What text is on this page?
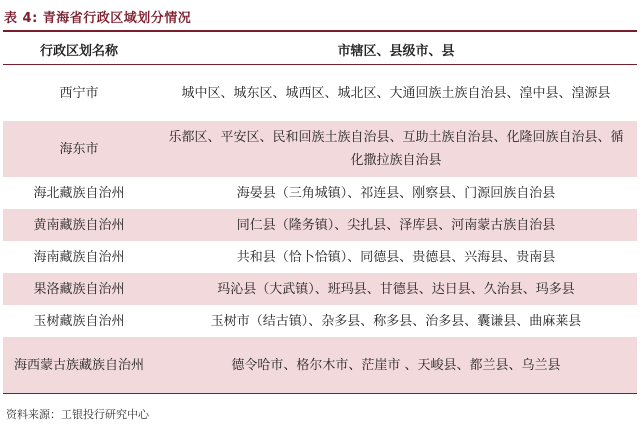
表 4: 青海省行政区域划分情况
行政区划名称	市辖区、县级市、县
西宁市	城中区、城东区、城西区、城北区、大通回族土族自治县、湟中县、湟源县
海东市	乐都区、平安区、民和回族土族自治县、互助土族自治县、化隆回族自治县、循化撒拉族自治县
海北藏族自治州	海晏县（三角城镇）、祁连县、刚察县、门源回族自治县
黄南藏族自治州	同仁县（隆务镇）、尖扎县、泽库县、河南蒙古族自治县
海南藏族自治州	共和县（恰卜恰镇）、同德县、贵德县、兴海县、贵南县
果洛藏族自治州	玛沁县（大武镇）、班玛县、甘德县、达日县、久治县、玛多县
玉树藏族自治州	玉树市（结古镇）、杂多县、称多县、治多县、囊谦县、曲麻莱县
海西蒙古族藏族自治州	德令哈市、格尔木市、茫崖市 、天峻县、都兰县、乌兰县
资料来源：工银投行研究中心
